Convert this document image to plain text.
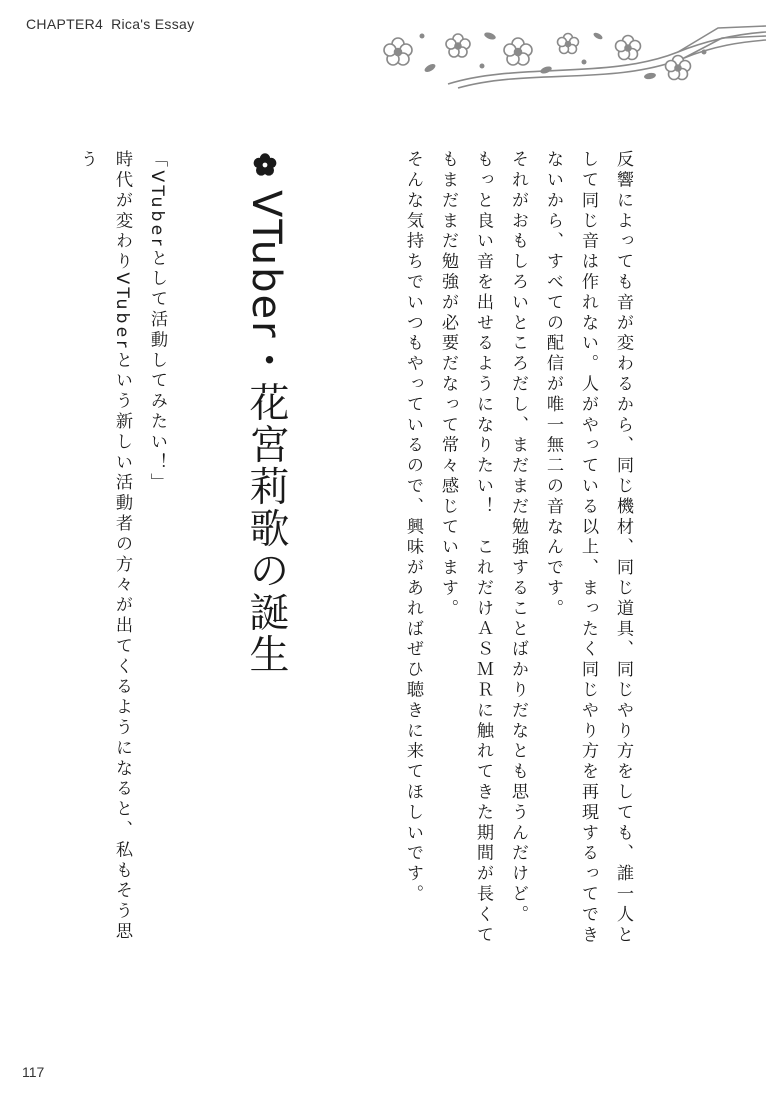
CHAPTER4 Rica's Essay

反響によっても音が変わるから、同じ機材、同じ道具、同じやり方をしても、誰一人として同じ音は作れない。人がやっている以上、まったく同じやり方を再現するってできないから、すべての配信が唯一無二の音なんです。

それがおもしろいところだし、まだまだ勉強することばかりだなとも思うんだけど。

もっと良い音を出せるようになりたい！　これだけＡＳＭＲに触れてきた期間が長くてもまだまだ勉強が必要だなって常々感じています。

そんな気持ちでいつもやっているので、興味があればぜひ聴きに来てほしいです。

VTuber・花宮莉歌の誕生

「VTuberとして活動してみたい！」

時代が変わりVTuberという新しい活動者の方々が出てくるようになると、私もそう思う

117
